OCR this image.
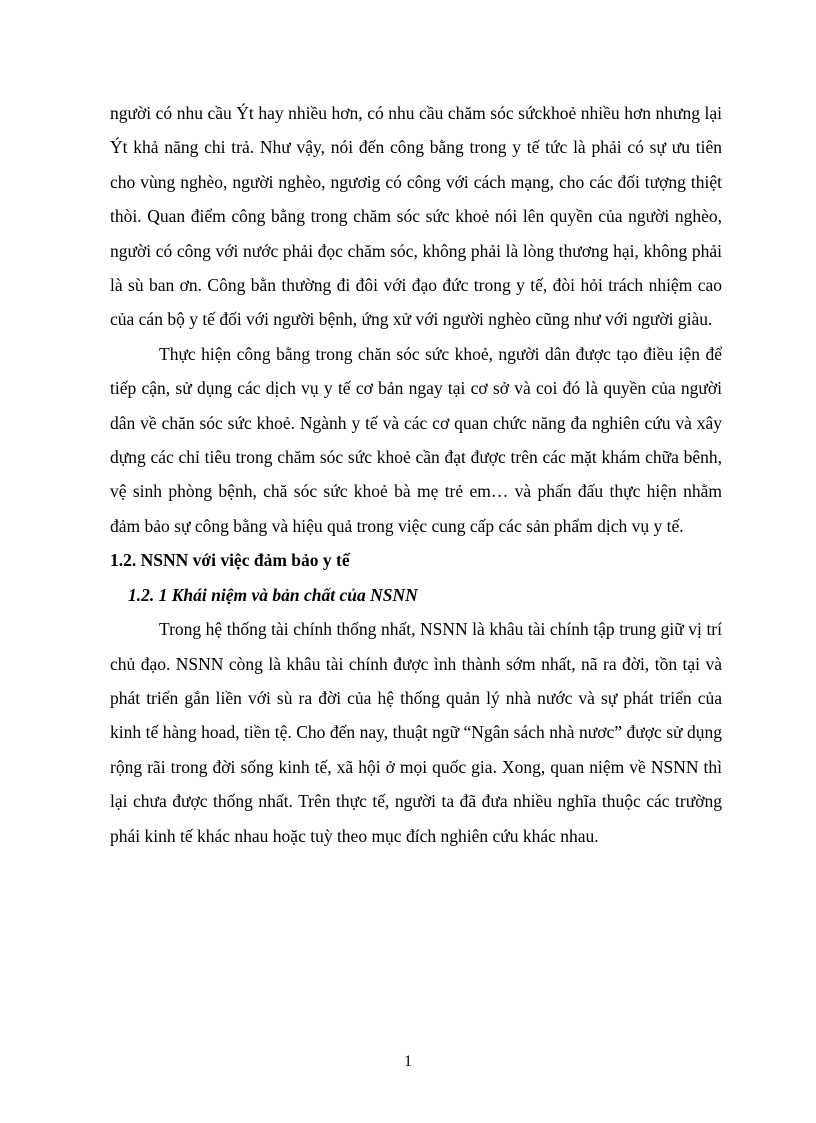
người có nhu cầu Ýt hay nhiều hơn, có nhu cầu chăm sóc sứckhoẻ nhiều hơn nhưng lại Ýt khả năng chi trả. Như vậy, nói đến công bằng trong y tế tức là phải có sự ưu tiên cho vùng nghèo, người nghèo, ngươig có công với cách mạng, cho các đối tượng thiệt thòi. Quan điểm công bằng trong chăm sóc sức khoẻ nói lên quyền của người nghèo, người có công với nước phải đọc chăm sóc, không phải là lòng thương hại, không phải là sù ban ơn. Công bằn thường đi đôi với đạo đức trong y tế, đòi hỏi trách nhiệm cao của cán bộ y tế đối với người bệnh, ứng xử với người nghèo cũng như với người giàu.

Thực hiện công bằng trong chăn sóc sức khoẻ, người dân được tạo điều iện để tiếp cận, sử dụng các dịch vụ y tế cơ bản ngay tại cơ sở và coi đó là quyền của người dân về chăn sóc sức khoẻ. Ngành y tế và các cơ quan chức năng đa nghiên cứu và xây dựng các chỉ tiêu trong chăm sóc sức khoẻ cần đạt được trên các mặt khám chữa bênh, vệ sinh phòng bệnh, chă sóc sức khoẻ bà mẹ trẻ em… và phấn đấu thực hiện nhằm đảm bảo sự công bằng và hiệu quả trong việc cung cấp các sản phẩm dịch vụ y tế.

1.2. NSNN với việc đảm bảo y tế

1.2. 1 Khái niệm và bản chất của NSNN

Trong hệ thống tài chính thống nhất, NSNN là khâu tài chính tập trung giữ vị trí chủ đạo. NSNN còng là khâu tài chính được ình thành sớm nhất, nã ra đời, tồn tại và phát triển gắn liền với sù ra đời của hệ thống quản lý nhà nước và sự phát triển của kinh tế hàng hoad, tiền tệ. Cho đến nay, thuật ngữ “Ngân sách nhà nươc” được sử dụng rộng rãi trong đời sống kinh tế, xã hội ở mọi quốc gia. Xong, quan niệm về NSNN thì lại chưa được thống nhất. Trên thực tế, người ta đã đưa nhiều nghĩa thuộc các trường phái kinh tế khác nhau hoặc tuỳ theo mục đích nghiên cứu khác nhau.

1
